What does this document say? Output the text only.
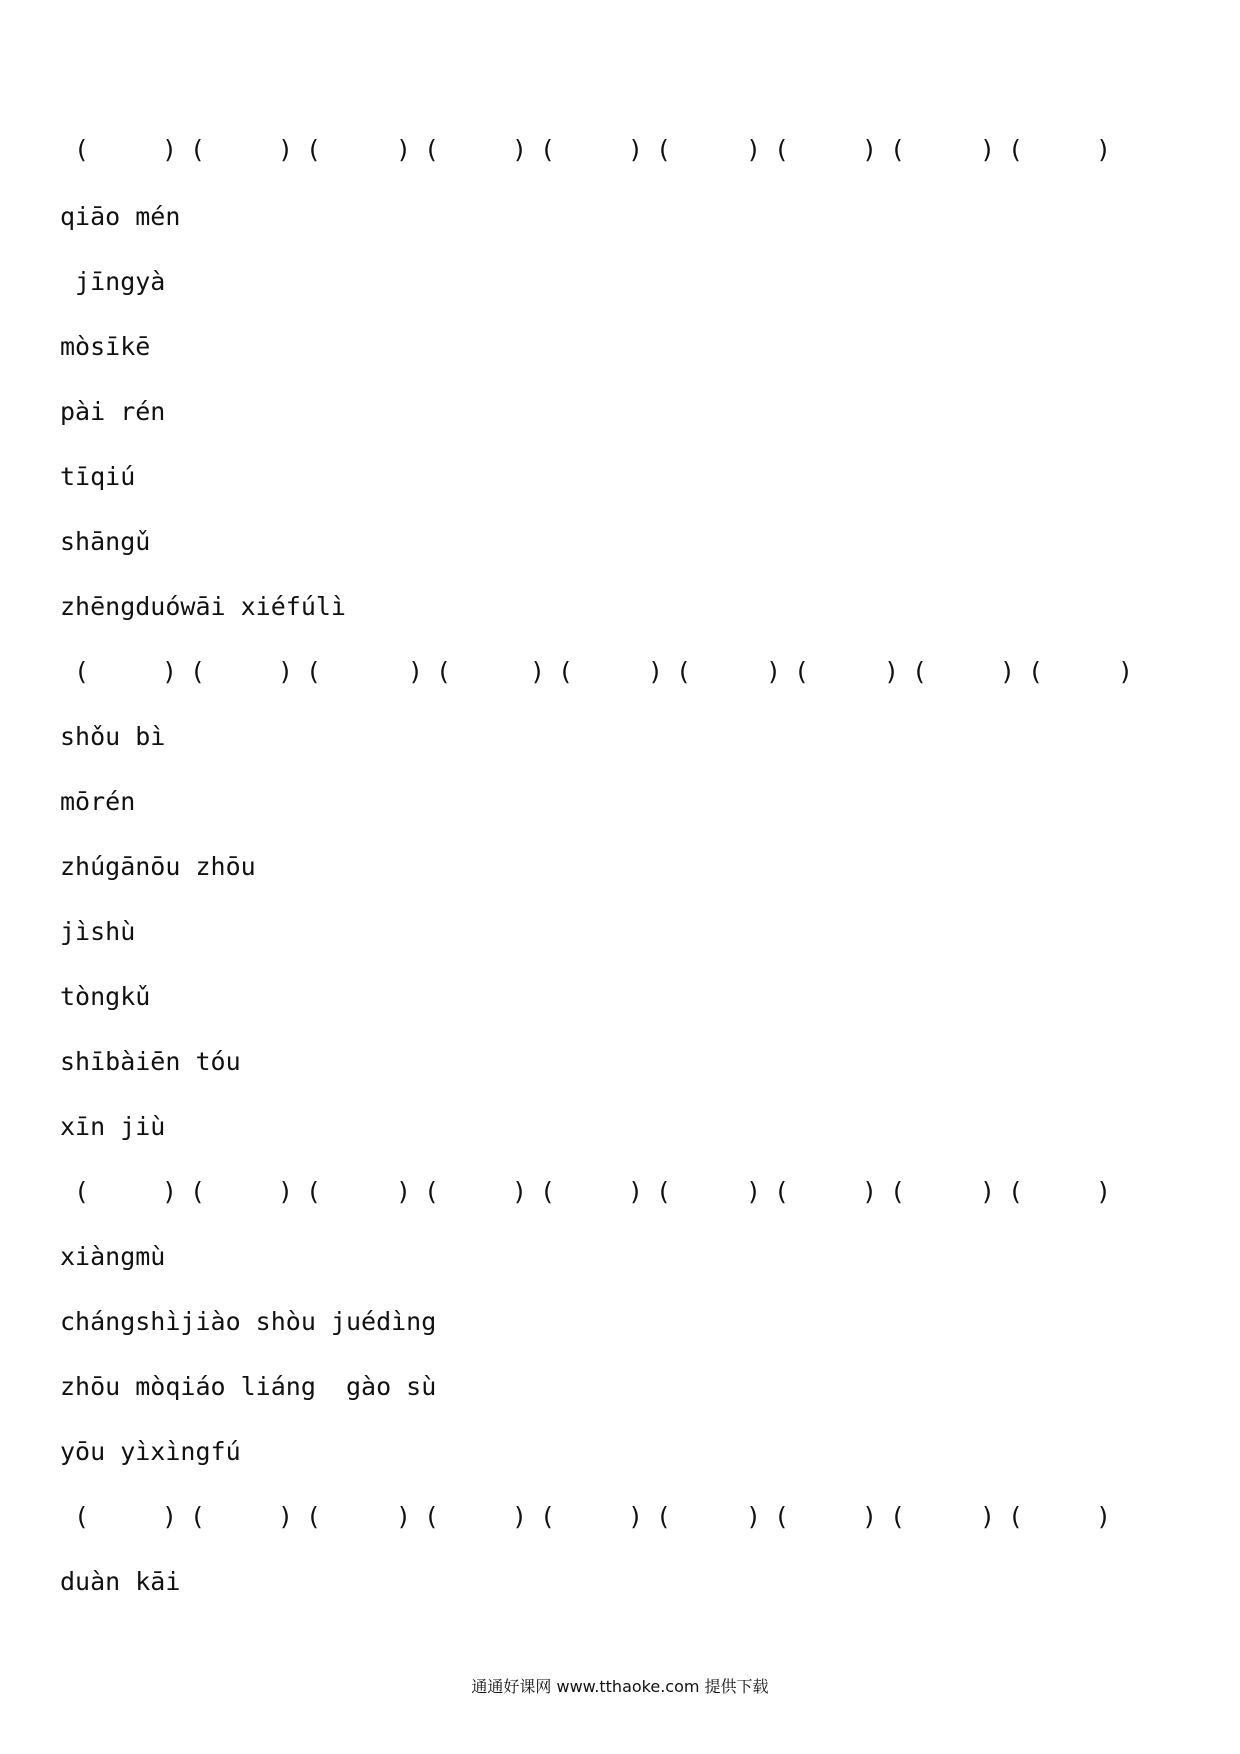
(	) (	) (	) (	) (	) (	) (	) (	) (	)
qiāo mén
jīngyà
mòsīkē
pài rén
tīqiú
shāngǔ
zhēngduówāi xiéfúlì
(	) (	) (	) (	) (	) (	) (	) (	) (	)
shǒu bì
mōrén
zhúgānōu zhōu
jìshù
tòngkǔ
shībàiēn tóu
xīn jiù
(	) (	) (	) (	) (	) (	) (	) (	) (	)
xiàngmù
chángshìjiào shòu juédìng
zhōu mòqiáo liáng  gào sù
yōu yìxìngfú
(	) (	) (	) (	) (	) (	) (	) (	) (	)
duàn kāi
通通好课网 www.tthaoke.com 提供下载
